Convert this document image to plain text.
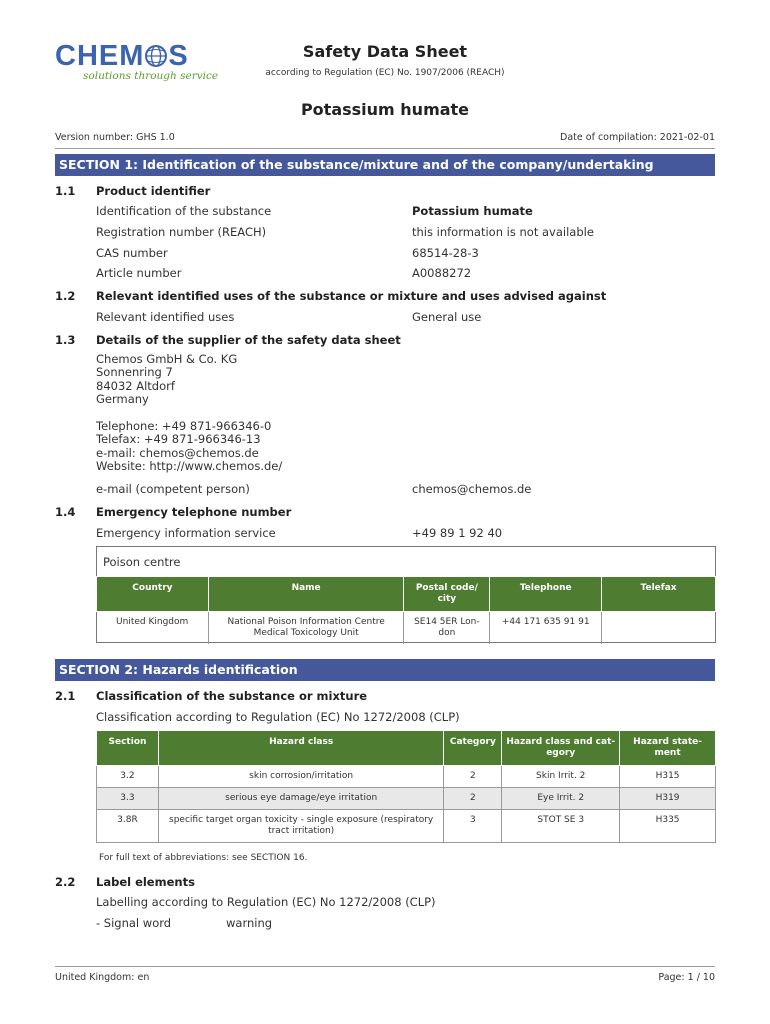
CHEM S
solutions through service
Safety Data Sheet
according to Regulation (EC) No. 1907/2006 (REACH)
Potassium humate
Version number: GHS 1.0	Date of compilation: 2021-02-01
SECTION 1: Identification of the substance/mixture and of the company/undertaking
1.1 Product identifier
Identification of the substance	Potassium humate
Registration number (REACH)	this information is not available
CAS number	68514-28-3
Article number	A0088272
1.2 Relevant identified uses of the substance or mixture and uses advised against
Relevant identified uses	General use
1.3 Details of the supplier of the safety data sheet
Chemos GmbH & Co. KG
Sonnenring 7
84032 Altdorf
Germany
Telephone: +49 871-966346-0
Telefax: +49 871-966346-13
e-mail: chemos@chemos.de
Website: http://www.chemos.de/
e-mail (competent person)	chemos@chemos.de
1.4 Emergency telephone number
Emergency information service	+49 89 1 92 40
Poison centre
Country	Name	Postal code/ city	Telephone	Telefax
United Kingdom	National Poison Information Centre Medical Toxicology Unit	SE14 5ER Lon- don	+44 171 635 91 91	
SECTION 2: Hazards identification
2.1 Classification of the substance or mixture
Classification according to Regulation (EC) No 1272/2008 (CLP)
Section	Hazard class	Category	Hazard class and cat- egory	Hazard state- ment
3.2	skin corrosion/irritation	2	Skin Irrit. 2	H315
3.3	serious eye damage/eye irritation	2	Eye Irrit. 2	H319
3.8R	specific target organ toxicity - single exposure (respiratory tract irritation)	3	STOT SE 3	H335
For full text of abbreviations: see SECTION 16.
2.2 Label elements
Labelling according to Regulation (EC) No 1272/2008 (CLP)
- Signal word	warning
United Kingdom: en	Page: 1 / 10
